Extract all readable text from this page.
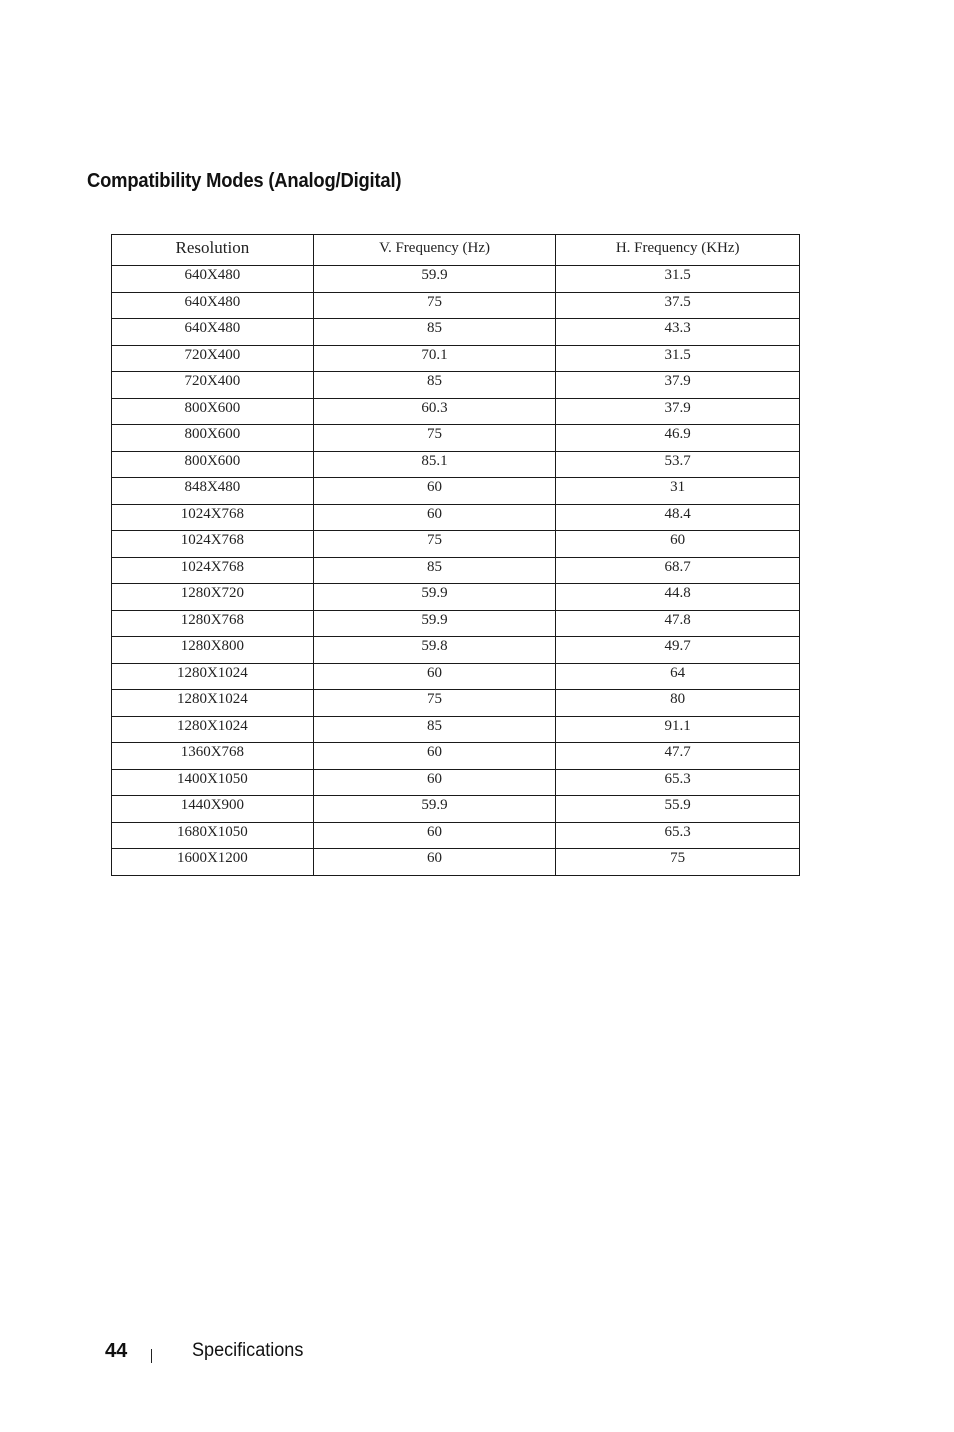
Compatibility Modes (Analog/Digital)
Resolution	V. Frequency (Hz)	H. Frequency (KHz)
640X480	59.9	31.5
640X480	75	37.5
640X480	85	43.3
720X400	70.1	31.5
720X400	85	37.9
800X600	60.3	37.9
800X600	75	46.9
800X600	85.1	53.7
848X480	60	31
1024X768	60	48.4
1024X768	75	60
1024X768	85	68.7
1280X720	59.9	44.8
1280X768	59.9	47.8
1280X800	59.8	49.7
1280X1024	60	64
1280X1024	75	80
1280X1024	85	91.1
1360X768	60	47.7
1400X1050	60	65.3
1440X900	59.9	55.9
1680X1050	60	65.3
1600X1200	60	75
44	Specifications
